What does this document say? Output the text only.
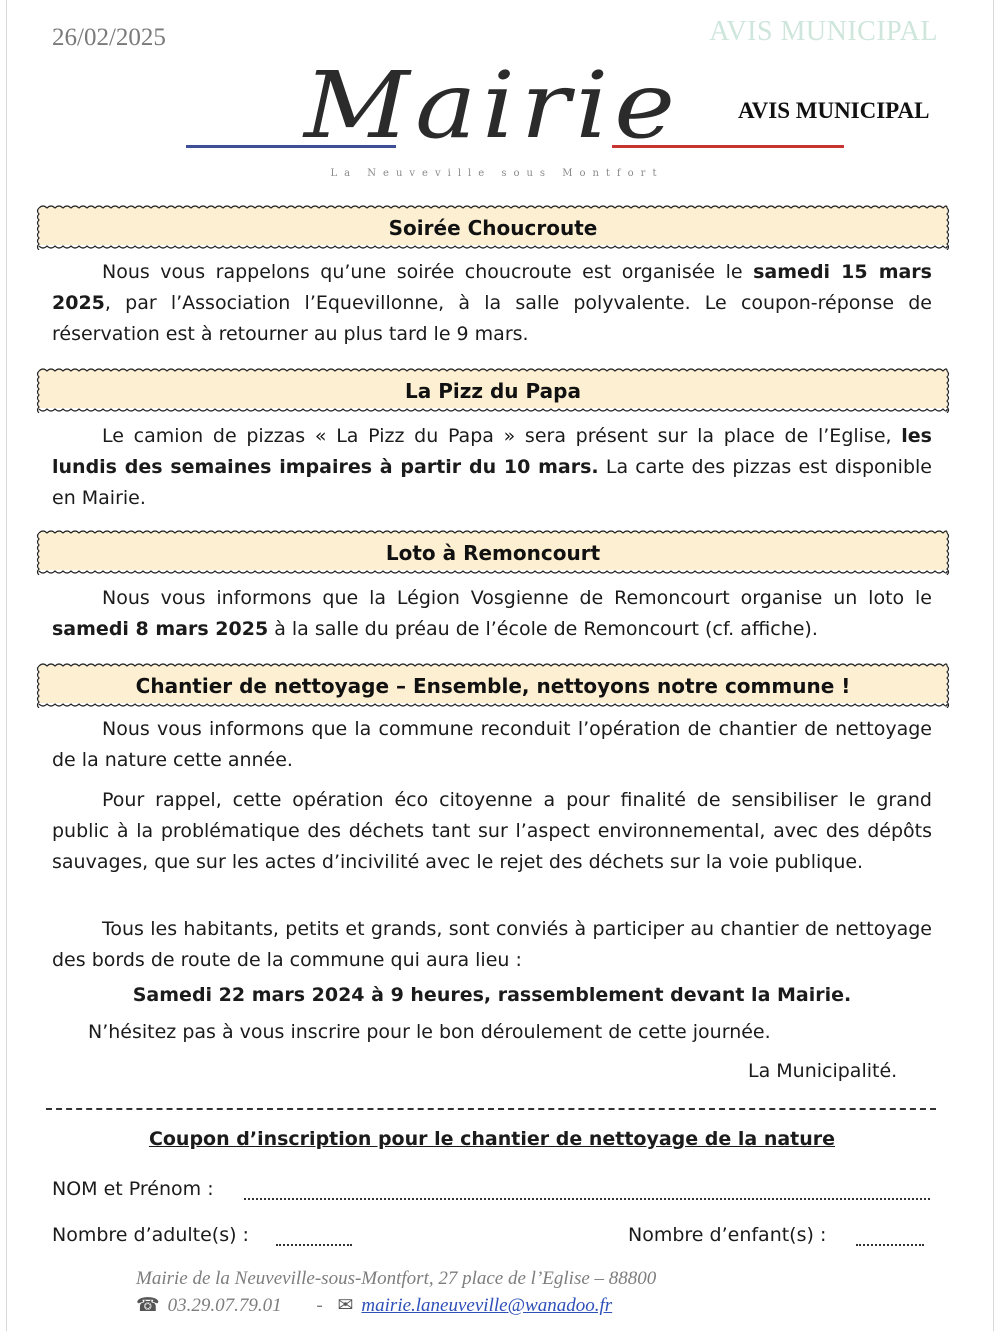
26/02/2025	AVIS MUNICIPAL
Mairie
La Neuveville sous Montfort
AVIS MUNICIPAL
Soirée Choucroute
Nous vous rappelons qu’une soirée choucroute est organisée le samedi 15 mars 2025, par l’Association l’Equevillonne, à la salle polyvalente. Le coupon-réponse de réservation est à retourner au plus tard le 9 mars.
La Pizz du Papa
Le camion de pizzas « La Pizz du Papa » sera présent sur la place de l’Eglise, les lundis des semaines impaires à partir du 10 mars. La carte des pizzas est disponible en Mairie.
Loto à Remoncourt
Nous vous informons que la Légion Vosgienne de Remoncourt organise un loto le samedi 8 mars 2025 à la salle du préau de l’école de Remoncourt (cf. affiche).
Chantier de nettoyage – Ensemble, nettoyons notre commune !
Nous vous informons que la commune reconduit l’opération de chantier de nettoyage de la nature cette année.
Pour rappel, cette opération éco citoyenne a pour finalité de sensibiliser le grand public à la problématique des déchets tant sur l’aspect environnemental, avec des dépôts sauvages, que sur les actes d’incivilité avec le rejet des déchets sur la voie publique.
Tous les habitants, petits et grands, sont conviés à participer au chantier de nettoyage des bords de route de la commune qui aura lieu :
Samedi 22 mars 2024 à 9 heures, rassemblement devant la Mairie.
N’hésitez pas à vous inscrire pour le bon déroulement de cette journée.
La Municipalité.
Coupon d’inscription pour le chantier de nettoyage de la nature
NOM et Prénom :
Nombre d’adulte(s) :	Nombre d’enfant(s) :
Mairie de la Neuveville-sous-Montfort, 27 place de l’Eglise – 88800
☎ 03.29.07.79.01 - ✉ mairie.laneuveville@wanadoo.fr
